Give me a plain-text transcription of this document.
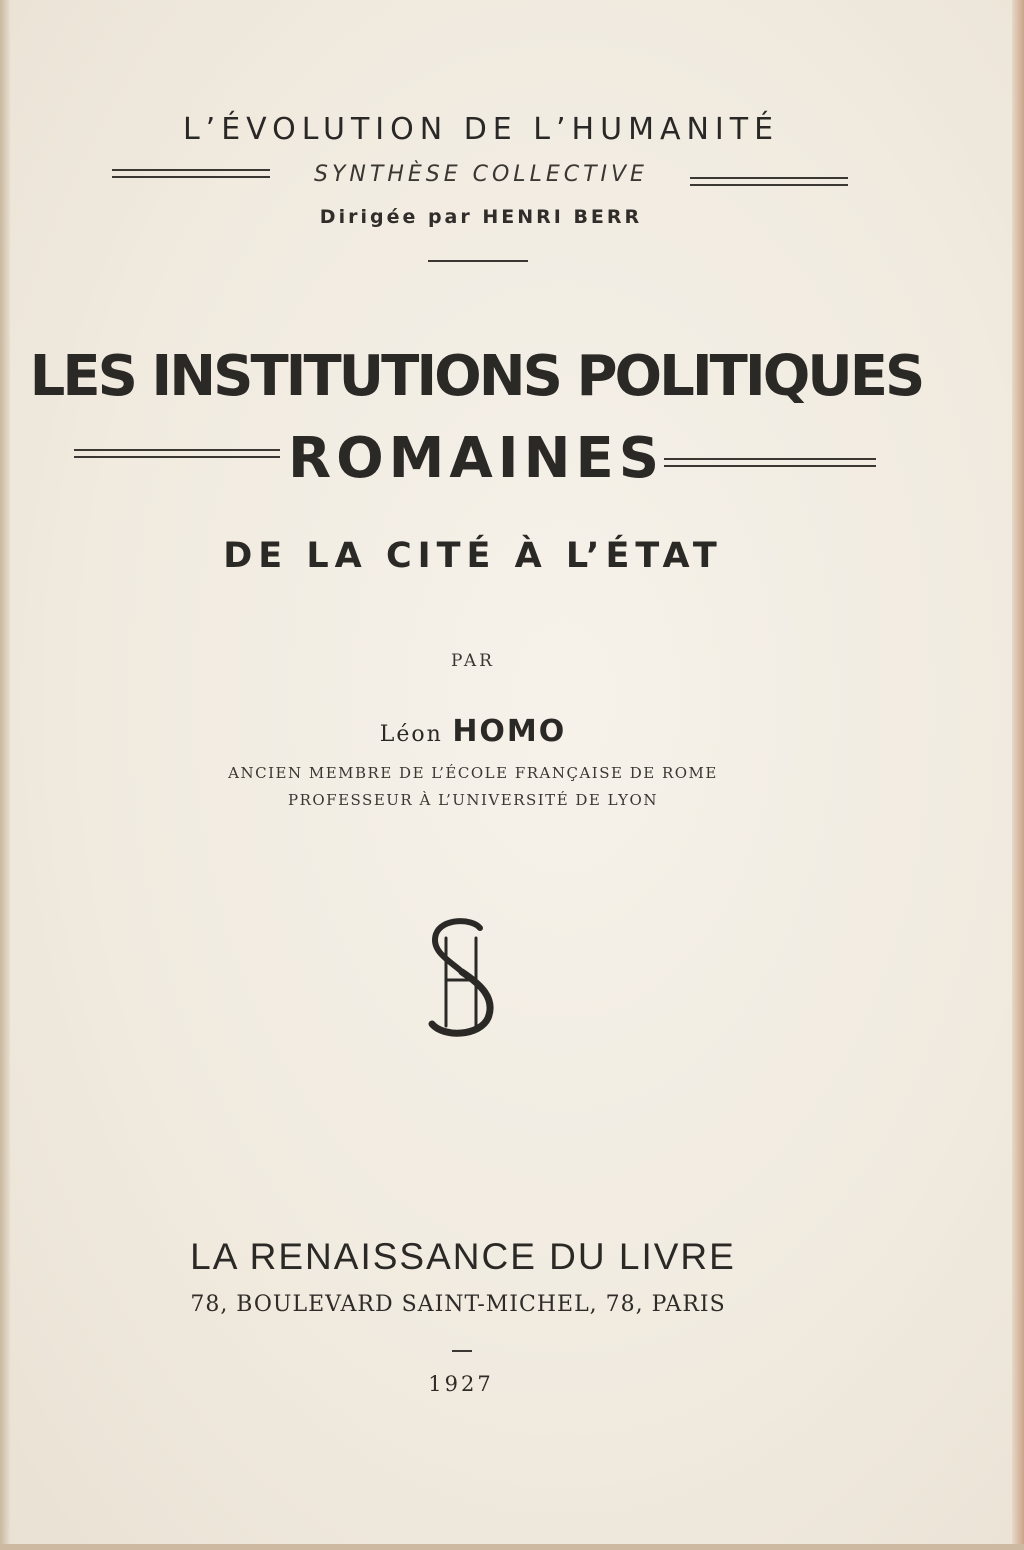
L’ÉVOLUTION DE L’HUMANITÉ
SYNTHÈSE COLLECTIVE
Dirigée par HENRI BERR
LES INSTITUTIONS POLITIQUES
ROMAINES
DE LA CITÉ À L’ÉTAT
PAR
Léon HOMO
ANCIEN MEMBRE DE L’ÉCOLE FRANÇAISE DE ROME
PROFESSEUR À L’UNIVERSITÉ DE LYON
LA RENAISSANCE DU LIVRE
78, BOULEVARD SAINT-MICHEL, 78, PARIS
1927
